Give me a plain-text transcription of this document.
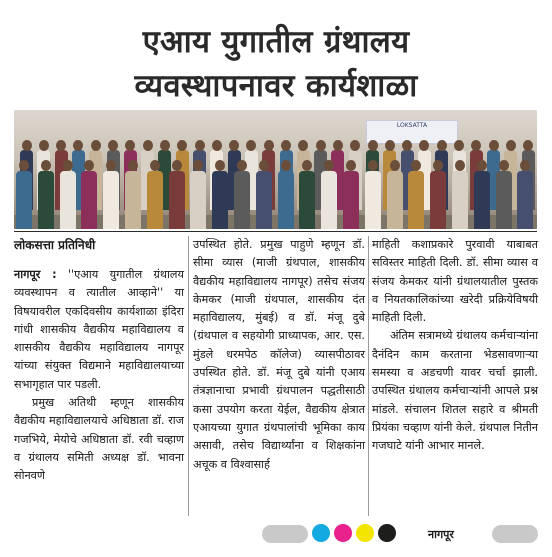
एआय युगातील ग्रंथालय
व्यवस्थापनावर कार्यशाळा
LOKSATTA
लोकसत्ता प्रतिनिधी

नागपूर : ''एआय युगातील ग्रंथालय व्यवस्थापन व त्यातील आव्हाने'' या विषयावरील एकदिवसीय कार्यशाळा इंदिरा गांधी शासकीय वैद्यकीय महाविद्यालय व शासकीय वैद्यकीय महाविद्यालय नागपूर यांच्या संयुक्त विद्यमाने महाविद्यालयाच्या सभागृहात पार पडली.

प्रमुख अतिथी म्हणून शासकीय वैद्यकीय महाविद्यालयाचे अधिष्ठाता डॉ. राज गजभिये, मेयोचे अधिष्ठाता डॉ. रवी चव्हाण व ग्रंथालय समिती अध्यक्ष डॉ. भावना सोनवणे

उपस्थित होते. प्रमुख पाहुणे म्हणून डॉ. सीमा व्यास (माजी ग्रंथपाल, शासकीय वैद्यकीय महाविद्यालय नागपूर) तसेच संजय केमकर (माजी ग्रंथपाल, शासकीय दंत महाविद्यालय, मुंबई) व डॉ. मंजू दुबे (ग्रंथपाल व सहयोगी प्राध्यापक, आर. एस. मुंडले धरमपेठ कॉलेज) व्यासपीठावर उपस्थित होते. डॉ. मंजू दुबे यांनी एआय तंत्रज्ञानाचा प्रभावी ग्रंथपालन पद्धतीसाठी कसा उपयोग करता येईल, वैद्यकीय क्षेत्रात एआयच्या युगात ग्रंथपालांची भूमिका काय असावी, तसेच विद्यार्थ्यांना व शिक्षकांना अचूक व विश्वासार्ह

माहिती कशाप्रकारे पुरवावी याबाबत सविस्तर माहिती दिली. डॉ. सीमा व्यास व संजय केमकर यांनी ग्रंथालयातील पुस्तक व नियतकालिकांच्या खरेदी प्रक्रियेविषयी माहिती दिली.

अंतिम सत्रामध्ये ग्रंथालय कर्मचाऱ्यांना दैनंदिन काम करताना भेडसावणाऱ्या समस्या व अडचणी यावर चर्चा झाली. उपस्थित ग्रंथालय कर्मचाऱ्यांनी आपले प्रश्न मांडले. संचालन शितल सहारे व श्रीमती प्रियंका चव्हाण यांनी केले. ग्रंथपाल नितीन गजघाटे यांनी आभार मानले.

नागपूर
